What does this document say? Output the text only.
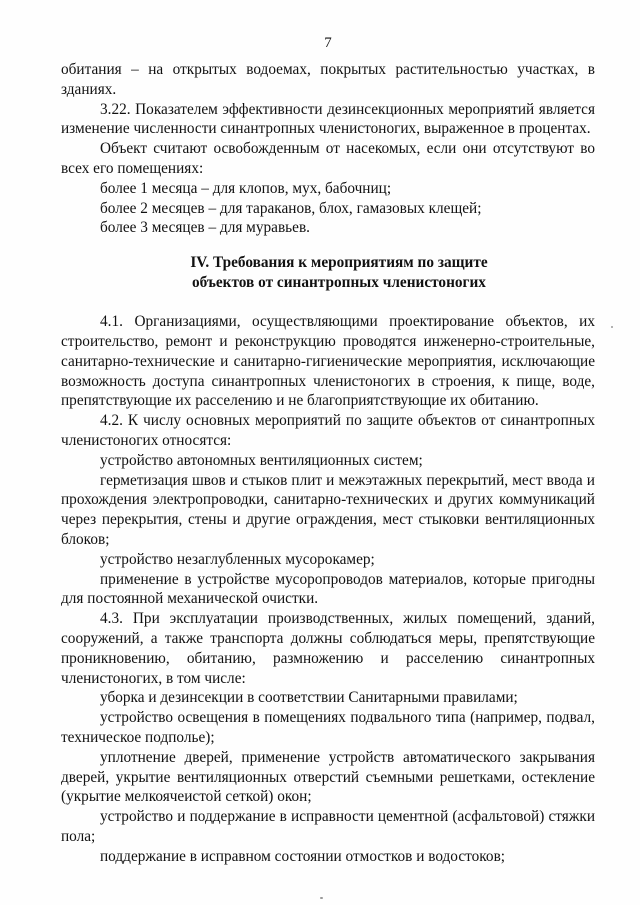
7

обитания – на открытых водоемах, покрытых растительностью участках, в зданиях.

3.22. Показателем эффективности дезинсекционных мероприятий является изменение численности синантропных членистоногих, выраженное в процентах.

Объект считают освобожденным от насекомых, если они отсутствуют во всех его помещениях:

более 1 месяца – для клопов, мух, бабочниц;

более 2 месяцев – для тараканов, блох, гамазовых клещей;

более 3 месяцев – для муравьев.

IV. Требования к мероприятиям по защите
объектов от синантропных членистоногих

4.1. Организациями, осуществляющими проектирование объектов, их строительство, ремонт и реконструкцию проводятся инженерно-строительные, санитарно-технические и санитарно-гигиенические мероприятия, исключающие возможность доступа синантропных членистоногих в строения, к пище, воде, препятствующие их расселению и не благоприятствующие их обитанию.

4.2. К числу основных мероприятий по защите объектов от синантропных членистоногих относятся:

устройство автономных вентиляционных систем;

герметизация швов и стыков плит и межэтажных перекрытий, мест ввода и прохождения электропроводки, санитарно-технических и других коммуникаций через перекрытия, стены и другие ограждения, мест стыковки вентиляционных блоков;

устройство незаглубленных мусорокамер;

применение в устройстве мусоропроводов материалов, которые пригодны для постоянной механической очистки.

4.3. При эксплуатации производственных, жилых помещений, зданий, сооружений, а также транспорта должны соблюдаться меры, препятствующие проникновению, обитанию, размножению и расселению синантропных членистоногих, в том числе:

уборка и дезинсекции в соответствии Санитарными правилами;

устройство освещения в помещениях подвального типа (например, подвал, техническое подполье);

уплотнение дверей, применение устройств автоматического закрывания дверей, укрытие вентиляционных отверстий съемными решетками, остекление (укрытие мелкоячеистой сеткой) окон;

устройство и поддержание в исправности цементной (асфальтовой) стяжки пола;

поддержание в исправном состоянии отмостков и водостоков;
